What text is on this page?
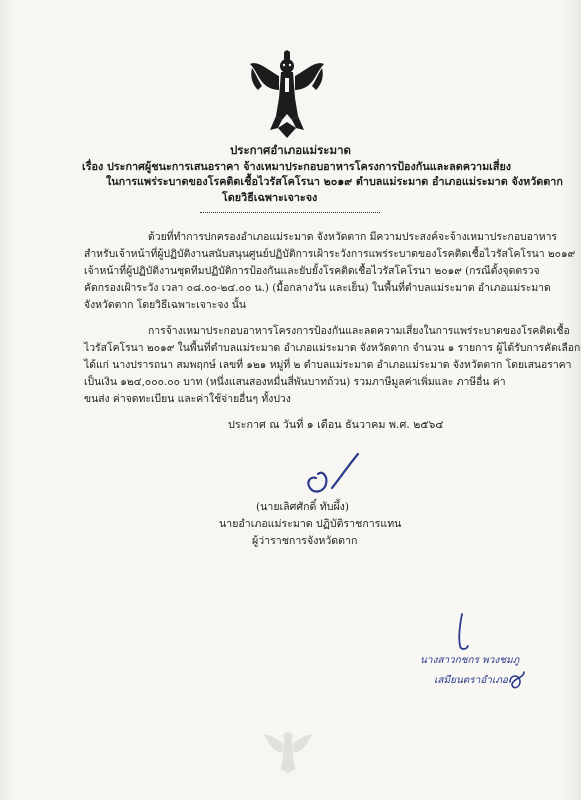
ประกาศอำเภอแม่ระมาด
เรื่อง ประกาศผู้ชนะการเสนอราคา จ้างเหมาประกอบอาหารโครงการป้องกันและลดความเสี่ยง
ในการแพร่ระบาดของโรคติดเชื้อไวรัสโคโรนา ๒๐๑๙ ตำบลแม่ระมาด อำเภอแม่ระมาด จังหวัดตาก
โดยวิธีเฉพาะเจาะจง
ด้วยที่ทำการปกครองอำเภอแม่ระมาด จังหวัดตาก มีความประสงค์จะจ้างเหมาประกอบอาหาร
สำหรับเจ้าหน้าที่ผู้ปฏิบัติงานสนับสนุนศูนย์ปฏิบัติการเฝ้าระวังการแพร่ระบาดของโรคติดเชื้อไวรัสโคโรนา ๒๐๑๙
เจ้าหน้าที่ผู้ปฏิบัติงานชุดทีมปฏิบัติการป้องกันและยับยั้งโรคติดเชื้อไวรัสโคโรนา ๒๐๑๙ (กรณีตั้งจุดตรวจ
คัดกรองเฝ้าระวัง เวลา ๐๘.๐๐-๒๔.๐๐ น.) (มื้อกลางวัน และเย็น) ในพื้นที่ตำบลแม่ระมาด อำเภอแม่ระมาด
จังหวัดตาก โดยวิธีเฉพาะเจาะจง นั้น
การจ้างเหมาประกอบอาหารโครงการป้องกันและลดความเสี่ยงในการแพร่ระบาดของโรคติดเชื้อ
ไวรัสโคโรนา ๒๐๑๙ ในพื้นที่ตำบลแม่ระมาด อำเภอแม่ระมาด จังหวัดตาก จำนวน ๑ รายการ ผู้ได้รับการคัดเลือก
ได้แก่ นางปรารถนา สมพฤกษ์ เลขที่ ๑๒๑ หมู่ที่ ๒ ตำบลแม่ระมาด อำเภอแม่ระมาด จังหวัดตาก โดยเสนอราคา
เป็นเงิน ๑๒๔,๐๐๐.๐๐ บาท (หนึ่งแสนสองหมื่นสี่พันบาทถ้วน) รวมภาษีมูลค่าเพิ่มและ ภาษีอื่น ค่า
ขนส่ง ค่าจดทะเบียน และค่าใช้จ่ายอื่นๆ ทั้งปวง
ประกาศ ณ วันที่ ๑ เดือน ธันวาคม พ.ศ. ๒๕๖๔
(นายเลิศศักดิ์ ทับผึ้ง)
นายอำเภอแม่ระมาด ปฏิบัติราชการแทน
ผู้ว่าราชการจังหวัดตาก
นางสาวกชกร พวงชมภู
เสมียนตราอำเภอ
